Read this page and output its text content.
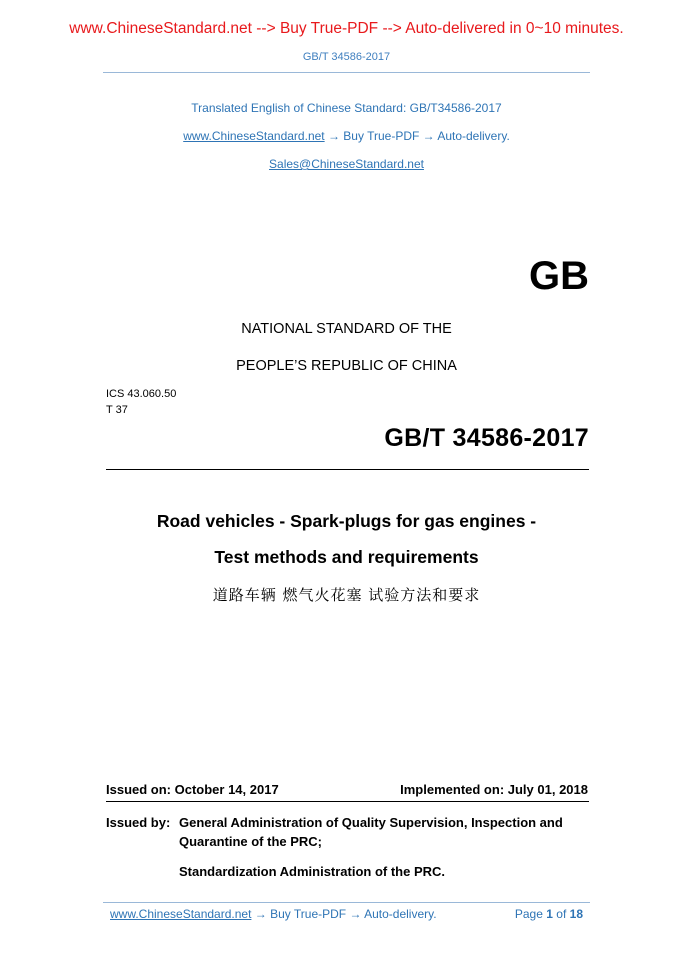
www.ChineseStandard.net --> Buy True-PDF --> Auto-delivered in 0~10 minutes.
GB/T 34586-2017
Translated English of Chinese Standard: GB/T34586-2017
www.ChineseStandard.net → Buy True-PDF → Auto-delivery.
Sales@ChineseStandard.net
GB
NATIONAL STANDARD OF THE
PEOPLE’S REPUBLIC OF CHINA
ICS 43.060.50
T 37
GB/T 34586-2017
Road vehicles - Spark-plugs for gas engines -
Test methods and requirements
道路车辆 燃气火花塞 试验方法和要求
Issued on: October 14, 2017	Implemented on: July 01, 2018
Issued by: General Administration of Quality Supervision, Inspection and
Quarantine of the PRC;
Standardization Administration of the PRC.
www.ChineseStandard.net → Buy True-PDF → Auto-delivery.	Page 1 of 18
